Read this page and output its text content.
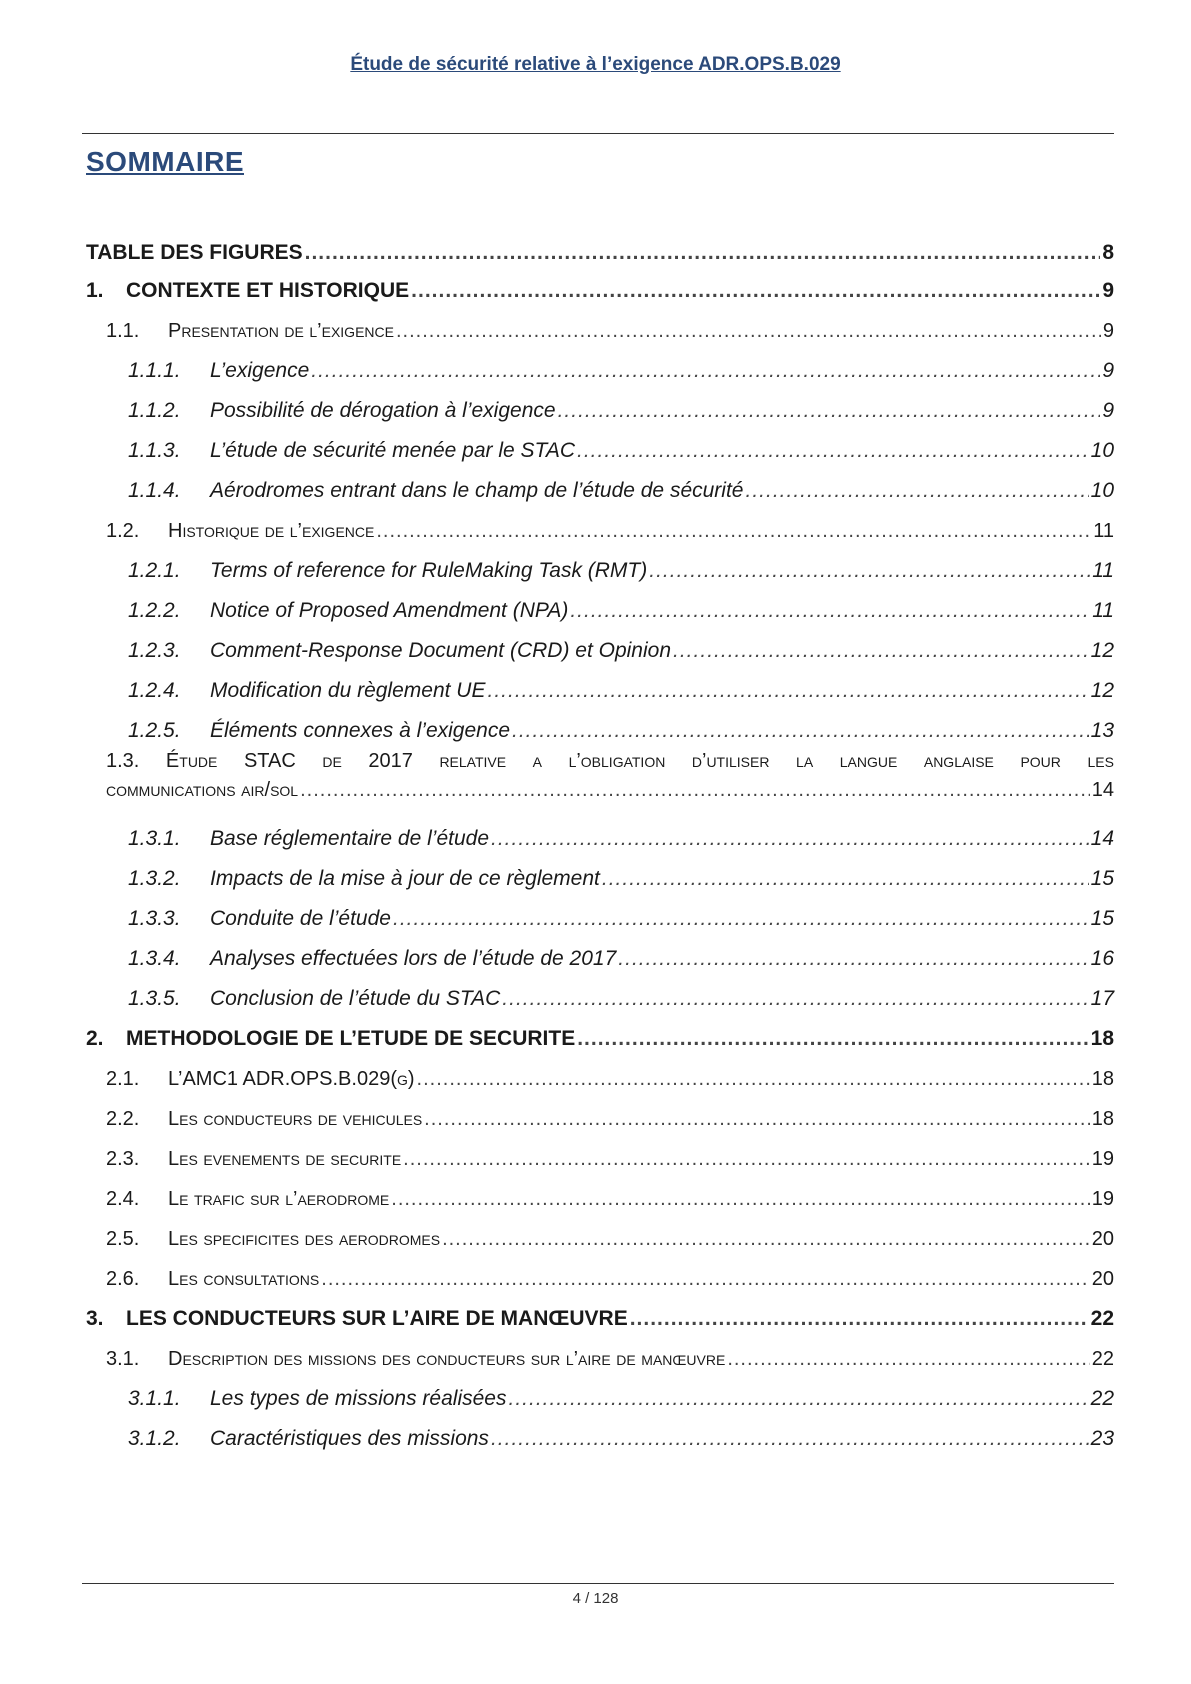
Étude de sécurité relative à l’exigence ADR.OPS.B.029
SOMMAIRE
TABLE DES FIGURES .....	8
1.	CONTEXTE ET HISTORIQUE .....	9
1.1.	Presentation de l’exigence .....	9
1.1.1.	L’exigence .....	9
1.1.2.	Possibilité de dérogation à l’exigence .....	9
1.1.3.	L’étude de sécurité menée par le STAC .....	10
1.1.4.	Aérodromes entrant dans le champ de l’étude de sécurité .....	10
1.2.	Historique de l’exigence .....	11
1.2.1.	Terms of reference for RuleMaking Task (RMT) .....	11
1.2.2.	Notice of Proposed Amendment (NPA) .....	11
1.2.3.	Comment-Response Document (CRD) et Opinion .....	12
1.2.4.	Modification du règlement UE .....	12
1.2.5.	Éléments connexes à l’exigence .....	13
1.3. Étude STAC de 2017 relative a l’obligation d’utiliser la langue anglaise pour les
communications air/sol .....	14
1.3.1.	Base réglementaire de l’étude .....	14
1.3.2.	Impacts de la mise à jour de ce règlement .....	15
1.3.3.	Conduite de l’étude .....	15
1.3.4.	Analyses effectuées lors de l’étude de 2017 .....	16
1.3.5.	Conclusion de l’étude du STAC .....	17
2.	METHODOLOGIE DE L’ETUDE DE SECURITE .....	18
2.1.	L’AMC1 ADR.OPS.B.029(g) .....	18
2.2.	Les conducteurs de vehicules .....	18
2.3.	Les evenements de securite .....	19
2.4.	Le trafic sur l’aerodrome .....	19
2.5.	Les specificites des aerodromes .....	20
2.6.	Les consultations .....	20
3.	LES CONDUCTEURS SUR L’AIRE DE MANŒUVRE .....	22
3.1.	Description des missions des conducteurs sur l’aire de manœuvre .....	22
3.1.1.	Les types de missions réalisées .....	22
3.1.2.	Caractéristiques des missions .....	23
4 / 128
